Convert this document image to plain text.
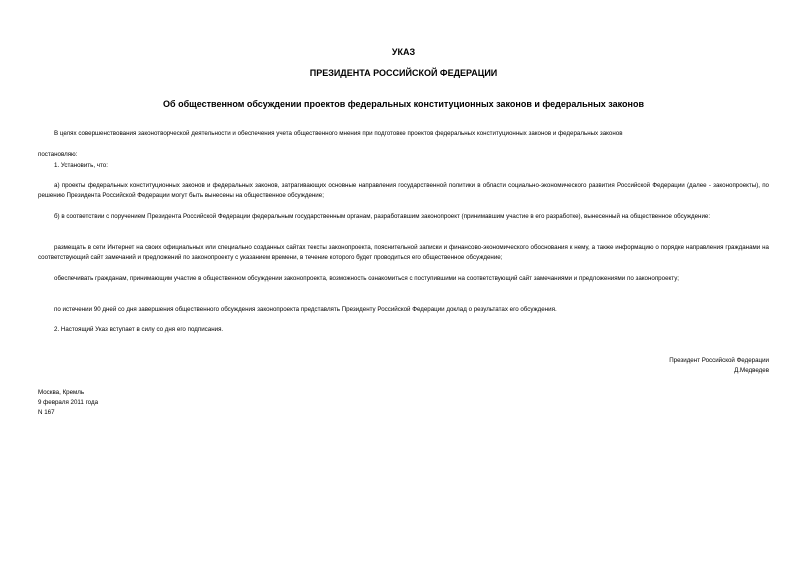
УКАЗ
ПРЕЗИДЕНТА РОССИЙСКОЙ ФЕДЕРАЦИИ
Об общественном обсуждении проектов федеральных конституционных законов и федеральных законов
В целях совершенствования законотворческой деятельности и обеспечения учета общественного мнения при подготовке проектов федеральных конституционных законов и федеральных законов
постановляю:
1. Установить, что:
а) проекты федеральных конституционных законов и федеральных законов, затрагивающих основные направления государственной политики в области социально-экономического развития Российской Федерации (далее - законопроекты), по решению Президента Российской Федерации могут быть вынесены на общественное обсуждение;
б) в соответствии с поручением Президента Российской Федерации федеральным государственным органам, разработавшим законопроект (принимавшим участие в его разработке), вынесенный на общественное обсуждение:
размещать в сети Интернет на своих официальных или специально созданных сайтах тексты законопроекта, пояснительной записки и финансово-экономического обоснования к нему, а также информацию о порядке направления гражданами на соответствующий сайт замечаний и предложений по законопроекту с указанием времени, в течение которого будет проводиться его общественное обсуждение;
обеспечивать гражданам, принимающим участие в общественном обсуждении законопроекта, возможность ознакомиться с поступившими на соответствующий сайт замечаниями и предложениями по законопроекту;
по истечении 90 дней со дня завершения общественного обсуждения законопроекта представлять Президенту Российской Федерации доклад о результатах его обсуждения.
2. Настоящий Указ вступает в силу со дня его подписания.
Президент Российской Федерации
Д.Медведев
Москва, Кремль
9 февраля 2011 года
N 167
